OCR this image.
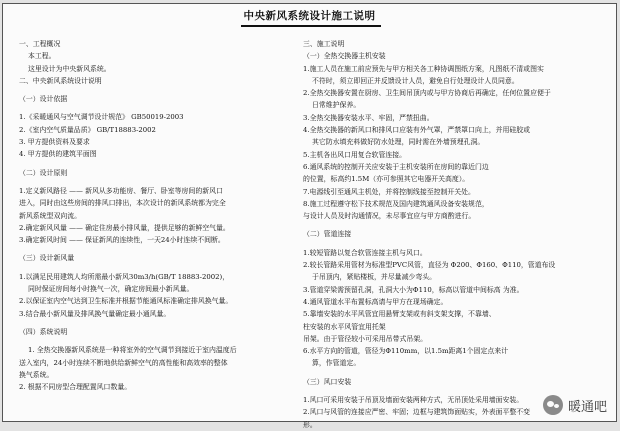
中央新风系统设计施工说明
一、工程概况
本工程。
这里设计为中央新风系统。
二、中央新风系统设计说明
（一）设计依据
1.《采暖通风与空气调节设计规范》 GB50019-2003
2.《室内空气质量品质》 GB/T18883-2002
3. 甲方提供资料及要求
4. 甲方提供的建筑平面图
（二）设计原则
1.定义新风路径 —— 新风从多功能房、餐厅、卧室等房间的新风口
进入，同时由这些房间的排风口排出，本次设计的新风系统都为完全
新风系统型双向流。
2.确定新风风量 —— 确定住房最小排风量，提供足够的新鲜空气量。
3.确定新风时间 —— 保证新风的连续性，一天24小时连续不间断。
（三）设计新风量
1.以满足民用建筑人均所需最小新风30m3/h(GB/T 18883-2002)，
同时保证房间每小时换气一次，确定房间最小新风量。
2.以保证室内空气达到卫生标准并根据节能通风标准确定排风换气量。
3.结合最小新风量及排风换气量确定最小通风量。
（四）系统说明
1. 全热交换器新风系统是一种将室外的空气调节到接近于室内温度后
送入室内，24小时连续不断地供给新鲜空气的高性能和高效率的整体
换气系统。
2. 根据不同房型合理配置风口数量。
三、施工说明
（一）全热交换器主机安装
1.施工人员在施工前应预先与甲方相关各工种协调图纸方案，凡图纸不清或图实
不符时，须立即回正并反馈设计人员，避免自行处理设计人员同意。
2.全热交换器安置在厨房、卫生间吊顶内或与甲方协商后再确定，任何位置应便于
日常维护保养。
3.全热交换器安装水平、牢固，严禁扭曲。
4.全热交换器的新风口和排风口应装有外气罩，严禁罩口向上，并用硅胶或
其它防水填充料做好防水处理，同时需在外墙预埋孔洞。
5.主机各出风口用复合软管连接。
6.通风系统的控制开关应安装于主机安装所在房间的靠近门边
的位置，标高约1.5M（亦可参照其它电器开关高度）。
7.电源线引至通风主机处，并将控制线接至控制开关处。
8.施工过程遵守松下技术规范及国内建筑通风设备安装规范，
与设计人员及时沟通情况，未尽事宜应与甲方商酌进行。
（二）管道连接
1.较短管路以复合软管连接主机与风口。
2.较长管路采用管材为标准型PVC风管，直径为 Φ200、Φ160、Φ110，管道布设
于吊顶内，紧贴楼板，并尽量减少弯头。
3.管道穿梁需预留孔洞，孔洞大小为Φ110，标高以管道中间标高 为准。
4.通风管道水平布置标高请与甲方在现场确定。
5.靠墙安装的水平风管宜用悬臂支架或有斜支架支撑，不靠墙、
柱安装的水平风管宜用托架
吊架。由于管径较小可采用吊带式吊架。
6.水平方向的管道，管径为Φ110mm，以1.5m距离1个固定点来计
算，作管道定。
（三）风口安装
1.风口可采用安装于吊顶及墙面安装两种方式，无吊顶处采用墙面安装。
2.风口与风管的连接应严密、牢固；边框与建筑饰面贴实，外表面平整不变
形。
暖通吧
